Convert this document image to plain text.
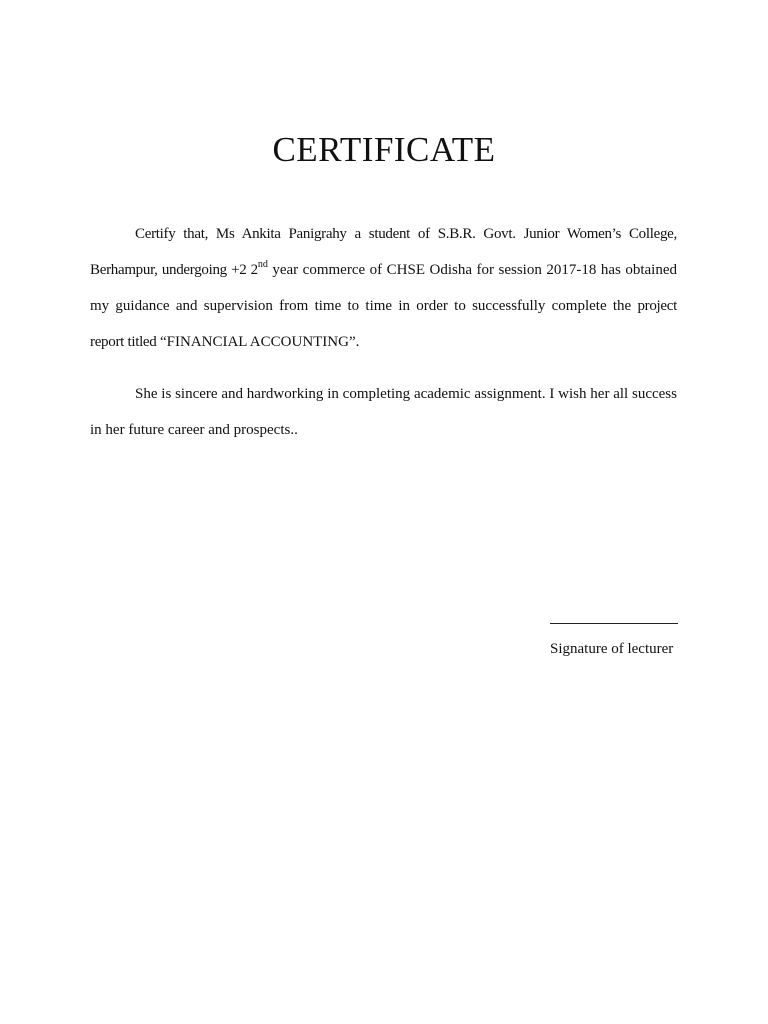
CERTIFICATE

Certify that, Ms Ankita Panigrahy a student of S.B.R. Govt. Junior Women’s College, Berhampur, undergoing +2 2nd year commerce of CHSE Odisha for session 2017-18 has obtained my guidance and supervision from time to time in order to successfully complete the project report titled “FINANCIAL ACCOUNTING”.

She is sincere and hardworking in completing academic assignment. I wish her all success in her future career and prospects..

Signature of lecturer
